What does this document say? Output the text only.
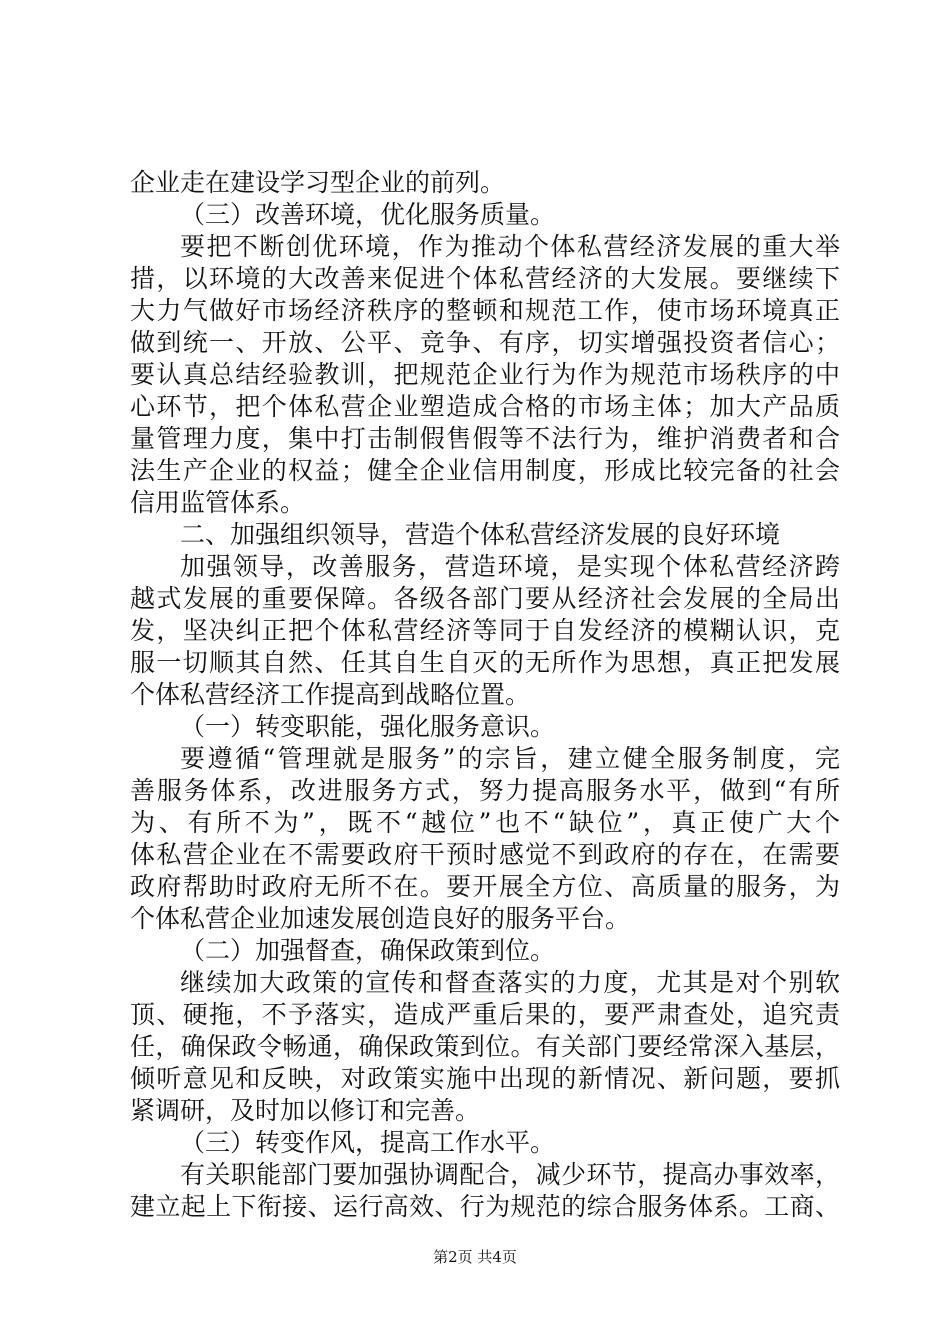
企业走在建设学习型企业的前列。
（三）改善环境，优化服务质量。
要把不断创优环境，作为推动个体私营经济发展的重大举
措，以环境的大改善来促进个体私营经济的大发展。要继续下
大力气做好市场经济秩序的整顿和规范工作，使市场环境真正
做到统一、开放、公平、竞争、有序，切实增强投资者信心；
要认真总结经验教训，把规范企业行为作为规范市场秩序的中
心环节，把个体私营企业塑造成合格的市场主体；加大产品质
量管理力度，集中打击制假售假等不法行为，维护消费者和合
法生产企业的权益；健全企业信用制度，形成比较完备的社会
信用监管体系。
二、加强组织领导，营造个体私营经济发展的良好环境
加强领导，改善服务，营造环境，是实现个体私营经济跨
越式发展的重要保障。各级各部门要从经济社会发展的全局出
发，坚决纠正把个体私营经济等同于自发经济的模糊认识，克
服一切顺其自然、任其自生自灭的无所作为思想，真正把发展
个体私营经济工作提高到战略位置。
（一）转变职能，强化服务意识。
要遵循“管理就是服务”的宗旨，建立健全服务制度，完
善服务体系，改进服务方式，努力提高服务水平，做到“有所
为、有所不为”，既不“越位”也不“缺位”，真正使广大个
体私营企业在不需要政府干预时感觉不到政府的存在，在需要
政府帮助时政府无所不在。要开展全方位、高质量的服务，为
个体私营企业加速发展创造良好的服务平台。
（二）加强督查，确保政策到位。
继续加大政策的宣传和督查落实的力度，尤其是对个别软
顶、硬拖，不予落实，造成严重后果的，要严肃查处，追究责
任，确保政令畅通，确保政策到位。有关部门要经常深入基层，
倾听意见和反映，对政策实施中出现的新情况、新问题，要抓
紧调研，及时加以修订和完善。
（三）转变作风，提高工作水平。
有关职能部门要加强协调配合，减少环节，提高办事效率，
建立起上下衔接、运行高效、行为规范的综合服务体系。工商、
第2页 共4页
